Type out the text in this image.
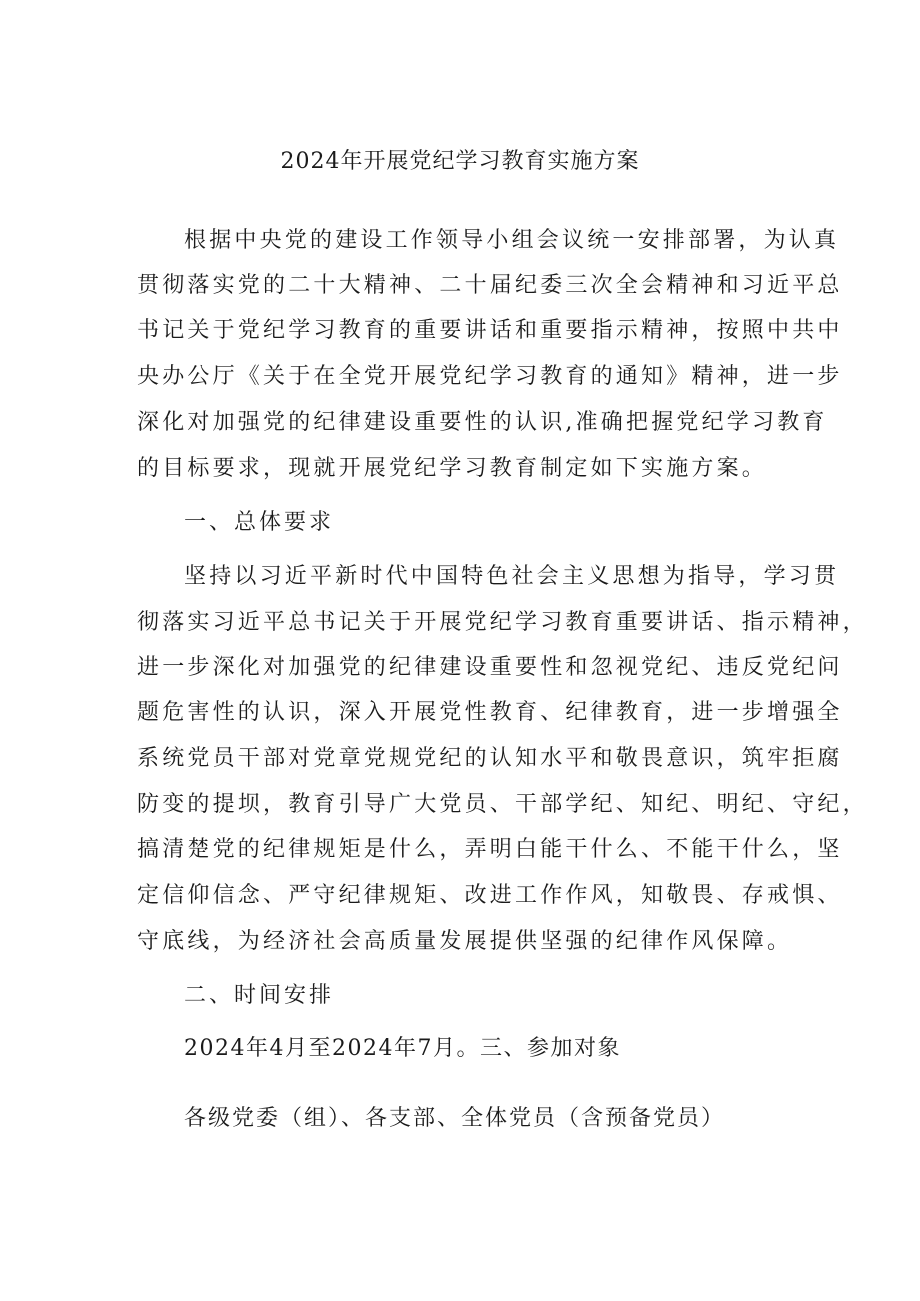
2024年开展党纪学习教育实施方案
根据中央党的建设工作领导小组会议统一安排部署，为认真
贯彻落实党的二十大精神、二十届纪委三次全会精神和习近平总
书记关于党纪学习教育的重要讲话和重要指示精神，按照中共中
央办公厅《关于在全党开展党纪学习教育的通知》精神，进一步
深化对加强党的纪律建设重要性的认识,准确把握党纪学习教育
的目标要求，现就开展党纪学习教育制定如下实施方案。
一、总体要求
坚持以习近平新时代中国特色社会主义思想为指导，学习贯
彻落实习近平总书记关于开展党纪学习教育重要讲话、指示精神，
进一步深化对加强党的纪律建设重要性和忽视党纪、违反党纪问
题危害性的认识，深入开展党性教育、纪律教育，进一步增强全
系统党员干部对党章党规党纪的认知水平和敬畏意识，筑牢拒腐
防变的提坝，教育引导广大党员、干部学纪、知纪、明纪、守纪，
搞清楚党的纪律规矩是什么，弄明白能干什么、不能干什么，坚
定信仰信念、严守纪律规矩、改进工作作风，知敬畏、存戒惧、
守底线，为经济社会高质量发展提供坚强的纪律作风保障。
二、时间安排
2024年4月至2024年7月。三、参加对象
各级党委（组）、各支部、全体党员（含预备党员）
